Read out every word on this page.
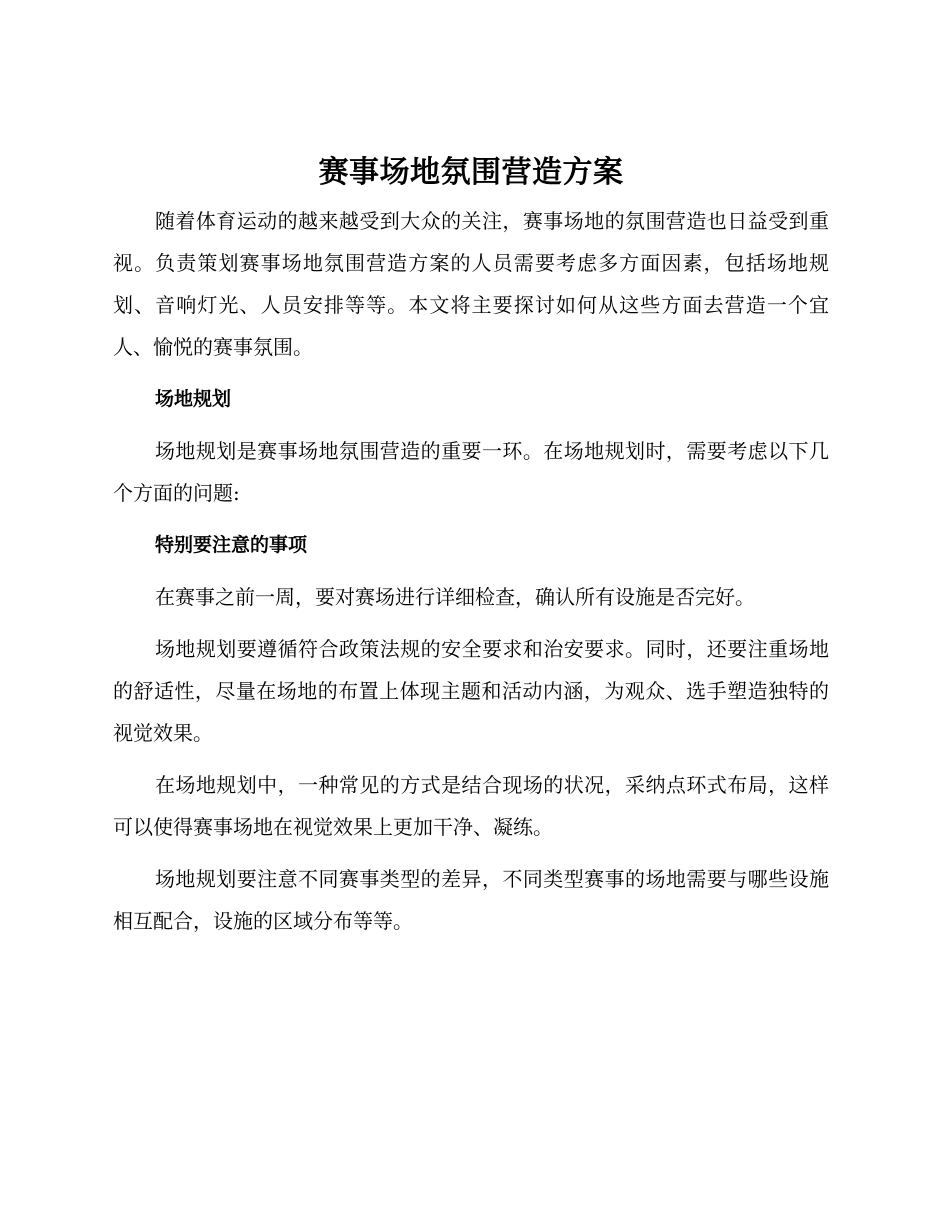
赛事场地氛围营造方案

随着体育运动的越来越受到大众的关注，赛事场地的氛围营造也日益受到重视。负责策划赛事场地氛围营造方案的人员需要考虑多方面因素，包括场地规划、音响灯光、人员安排等等。本文将主要探讨如何从这些方面去营造一个宜人、愉悦的赛事氛围。

场地规划

场地规划是赛事场地氛围营造的重要一环。在场地规划时，需要考虑以下几个方面的问题:

特别要注意的事项

在赛事之前一周，要对赛场进行详细检查，确认所有设施是否完好。

场地规划要遵循符合政策法规的安全要求和治安要求。同时，还要注重场地的舒适性，尽量在场地的布置上体现主题和活动内涵，为观众、选手塑造独特的视觉效果。

在场地规划中，一种常见的方式是结合现场的状况，采纳点环式布局，这样可以使得赛事场地在视觉效果上更加干净、凝练。

场地规划要注意不同赛事类型的差异，不同类型赛事的场地需要与哪些设施相互配合，设施的区域分布等等。
